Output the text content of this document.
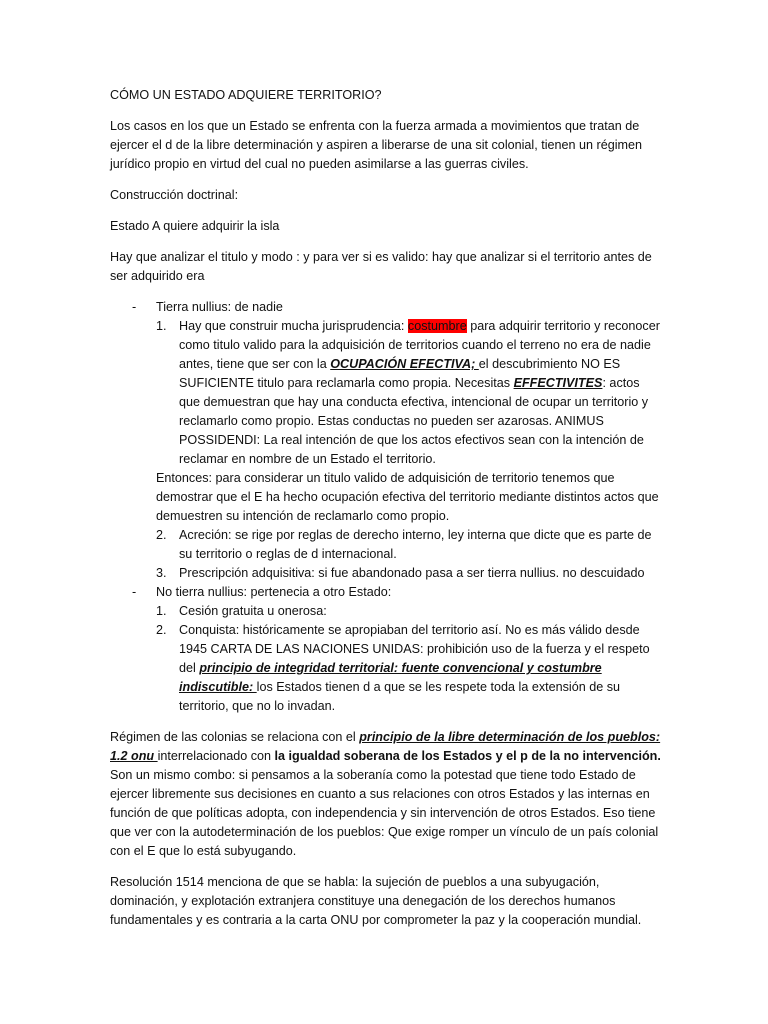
CÓMO UN ESTADO ADQUIERE TERRITORIO?

Los casos en los que un Estado se enfrenta con la fuerza armada a movimientos que tratan de ejercer el d de la libre determinación y aspiren a liberarse de una sit colonial, tienen un régimen jurídico propio en virtud del cual no pueden asimilarse a las guerras civiles.

Construcción doctrinal:

Estado A quiere adquirir la isla

Hay que analizar el titulo y modo : y para ver si es valido: hay que analizar si el territorio antes de ser adquirido era

- Tierra nullius: de nadie
1. Hay que construir mucha jurisprudencia: costumbre para adquirir territorio y reconocer como titulo valido para la adquisición de territorios cuando el terreno no era de nadie antes, tiene que ser con la OCUPACIÓN EFECTIVA; el descubrimiento NO ES SUFICIENTE titulo para reclamarla como propia. Necesitas EFFECTIVITES: actos que demuestran que hay una conducta efectiva, intencional de ocupar un territorio y reclamarlo como propio. Estas conductas no pueden ser azarosas. ANIMUS POSSIDENDI: La real intención de que los actos efectivos sean con la intención de reclamar en nombre de un Estado el territorio.

Entonces: para considerar un titulo valido de adquisición de territorio tenemos que demostrar que el E ha hecho ocupación efectiva del territorio mediante distintos actos que demuestren su intención de reclamarlo como propio.

2. Acreción: se rige por reglas de derecho interno, ley interna que dicte que es parte de su territorio o reglas de d internacional.
3. Prescripción adquisitiva: si fue abandonado pasa a ser tierra nullius. no descuidado
- No tierra nullius: pertenecia a otro Estado:
1. Cesión gratuita u onerosa:
2. Conquista: históricamente se apropiaban del territorio así. No es más válido desde 1945 CARTA DE LAS NACIONES UNIDAS: prohibición uso de la fuerza y el respeto del principio de integridad territorial: fuente convencional y costumbre indiscutible: los Estados tienen d a que se les respete toda la extensión de su territorio, que no lo invadan.

Régimen de las colonias se relaciona con el principio de la libre determinación de los pueblos: 1.2 onu interrelacionado con la igualdad soberana de los Estados y el p de la no intervención. Son un mismo combo: si pensamos a la soberanía como la potestad que tiene todo Estado de ejercer libremente sus decisiones en cuanto a sus relaciones con otros Estados y las internas en función de que políticas adopta, con independencia y sin intervención de otros Estados. Eso tiene que ver con la autodeterminación de los pueblos: Que exige romper un vínculo de un país colonial con el E que lo está subyugando.

Resolución 1514 menciona de que se habla: la sujeción de pueblos a una subyugación, dominación, y explotación extranjera constituye una denegación de los derechos humanos fundamentales y es contraria a la carta ONU por comprometer la paz y la cooperación mundial.
